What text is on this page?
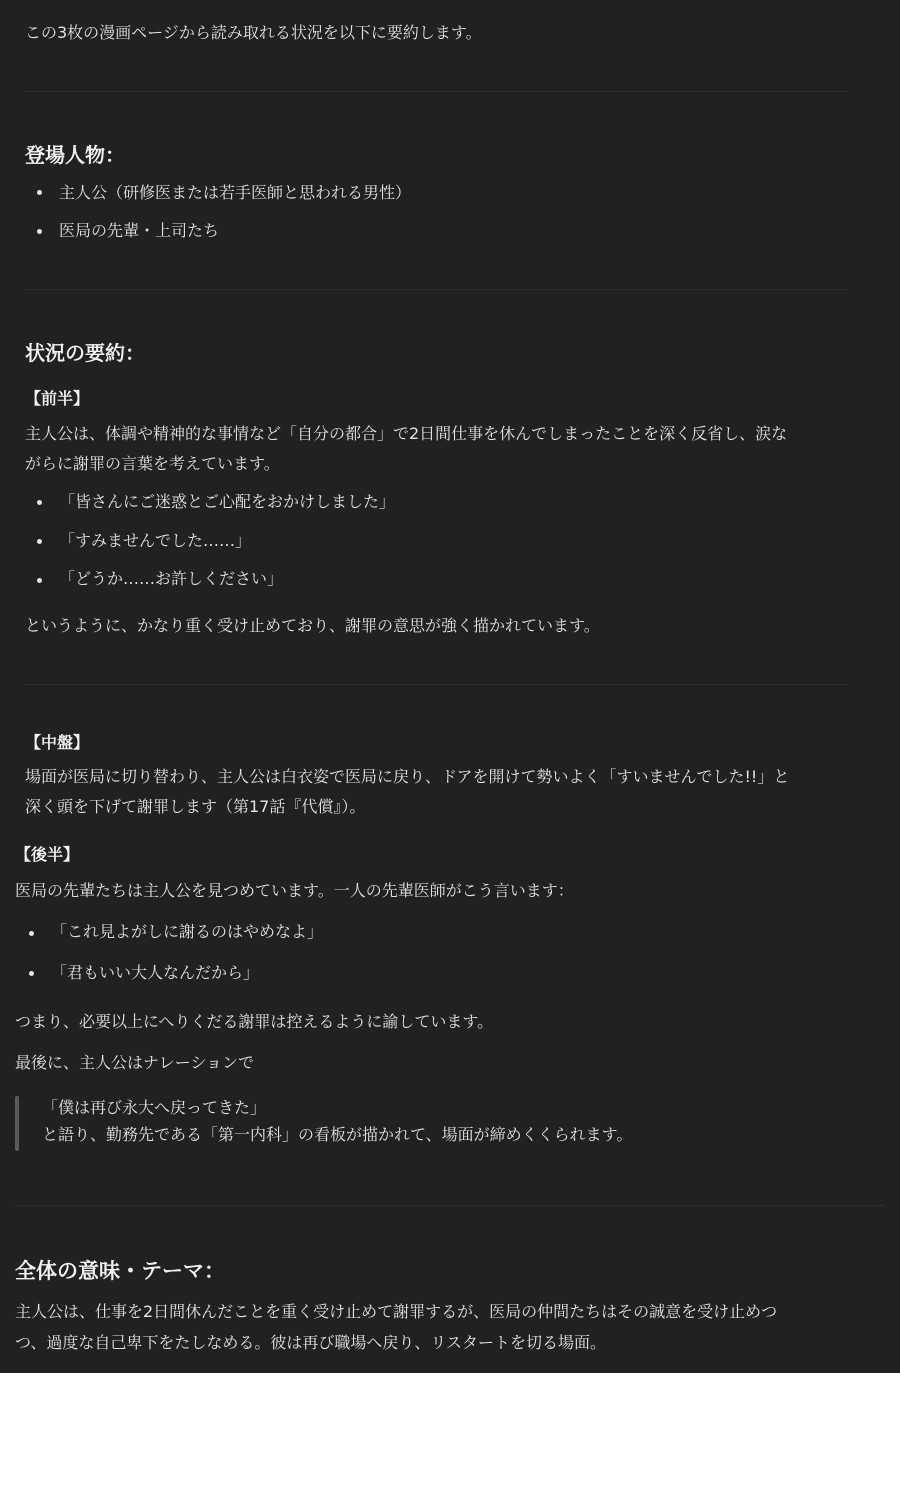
この3枚の漫画ページから読み取れる状況を以下に要約します。
登場人物：
主人公（研修医または若手医師と思われる男性）
医局の先輩・上司たち
状況の要約：
【前半】
主人公は、体調や精神的な事情など「自分の都合」で2日間仕事を休んでしまったことを深く反省し、涙な
がらに謝罪の言葉を考えています。
「皆さんにご迷惑とご心配をおかけしました」
「すみませんでした……」
「どうか……お許しください」
というように、かなり重く受け止めており、謝罪の意思が強く描かれています。
【中盤】
場面が医局に切り替わり、主人公は白衣姿で医局に戻り、ドアを開けて勢いよく「すいませんでした!!」と
深く頭を下げて謝罪します（第17話『代償』）。
【後半】
医局の先輩たちは主人公を見つめています。一人の先輩医師がこう言います：
「これ見よがしに謝るのはやめなよ」
「君もいい大人なんだから」
つまり、必要以上にへりくだる謝罪は控えるように諭しています。
最後に、主人公はナレーションで
「僕は再び永大へ戻ってきた」
と語り、勤務先である「第一内科」の看板が描かれて、場面が締めくくられます。
全体の意味・テーマ：
主人公は、仕事を2日間休んだことを重く受け止めて謝罪するが、医局の仲間たちはその誠意を受け止めつ
つ、過度な自己卑下をたしなめる。彼は再び職場へ戻り、リスタートを切る場面。
